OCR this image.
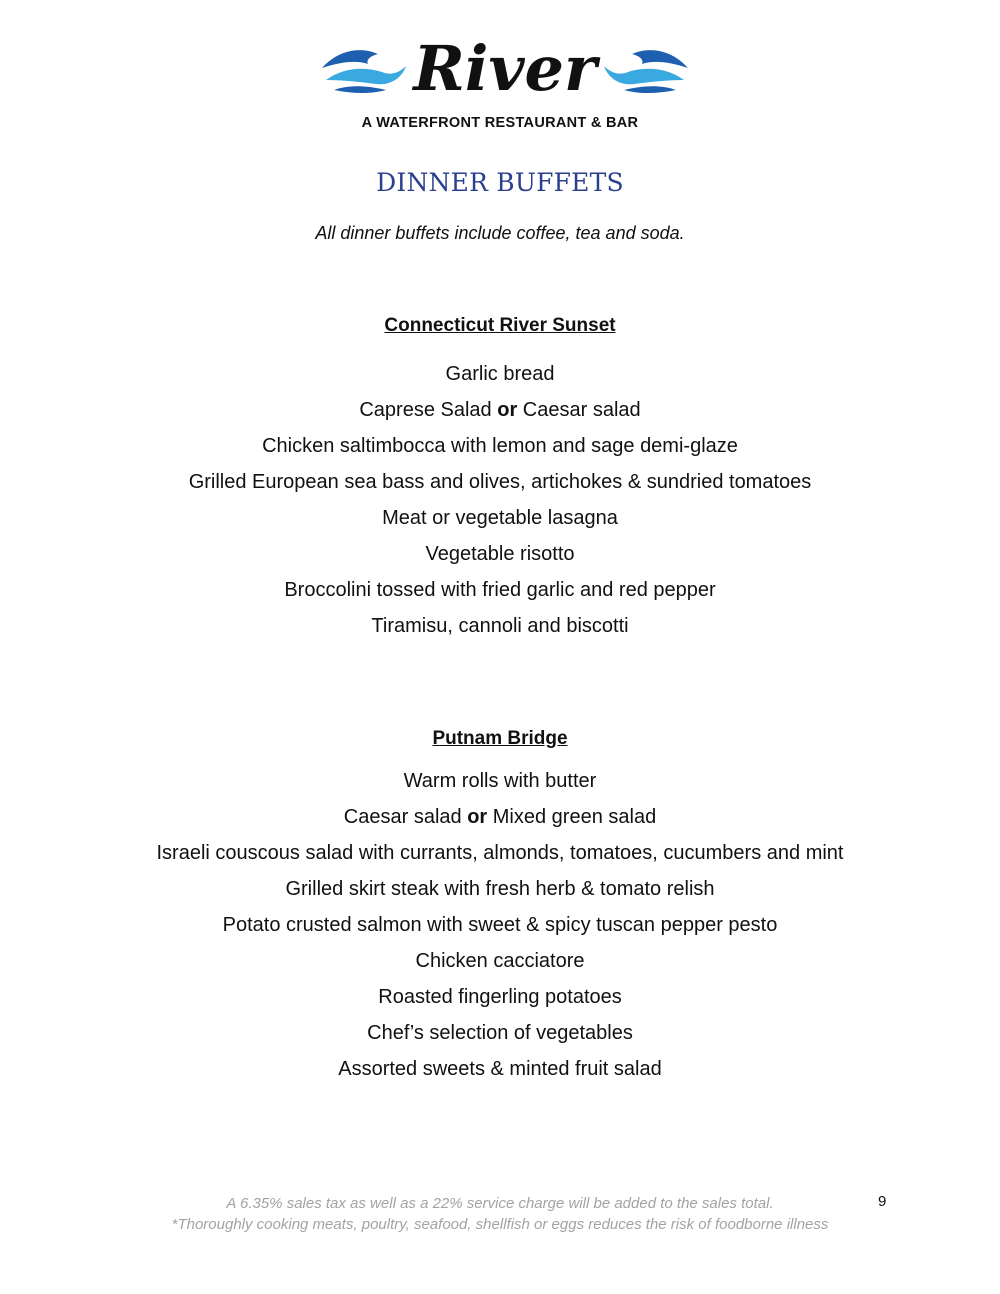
River
A WATERFRONT RESTAURANT & BAR
DINNER BUFFETS
All dinner buffets include coffee, tea and soda.
Connecticut River Sunset
Garlic bread
Caprese Salad or Caesar salad
Chicken saltimbocca with lemon and sage demi-glaze
Grilled European sea bass and olives, artichokes & sundried tomatoes
Meat or vegetable lasagna
Vegetable risotto
Broccolini tossed with fried garlic and red pepper
Tiramisu, cannoli and biscotti
Putnam Bridge
Warm rolls with butter
Caesar salad or Mixed green salad
Israeli couscous salad with currants, almonds, tomatoes, cucumbers and mint
Grilled skirt steak with fresh herb & tomato relish
Potato crusted salmon with sweet & spicy tuscan pepper pesto
Chicken cacciatore
Roasted fingerling potatoes
Chef’s selection of vegetables
Assorted sweets & minted fruit salad
A 6.35% sales tax as well as a 22% service charge will be added to the sales total.
*Thoroughly cooking meats, poultry, seafood, shellfish or eggs reduces the risk of foodborne illness
9
